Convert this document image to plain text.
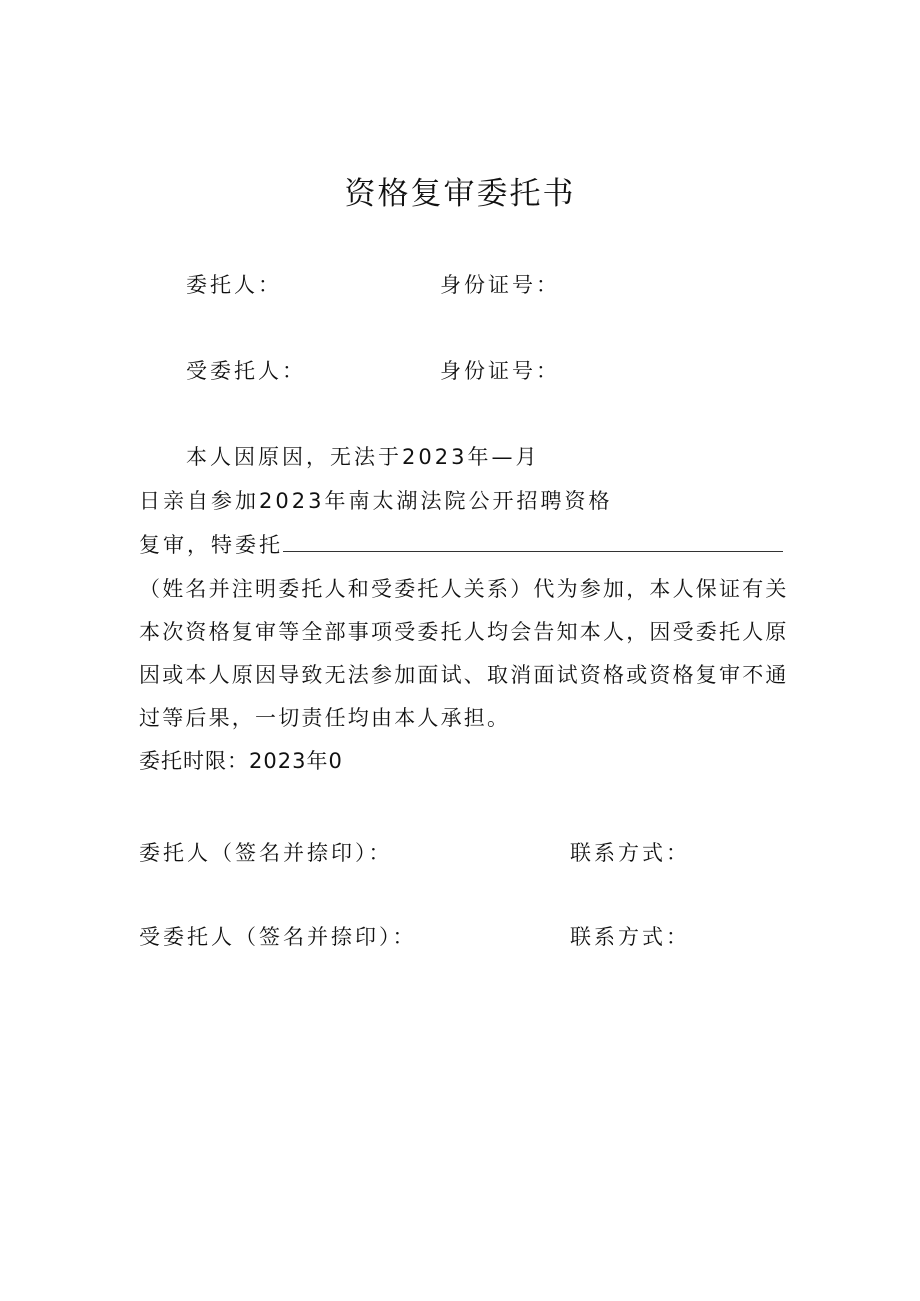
资格复审委托书
委托人：	身份证号：
受委托人：	身份证号：
本人因原因，无法于2023年—月
日亲自参加2023年南太湖法院公开招聘资格
复审，特委托
（姓名并注明委托人和受委托人关系）代为参加，本人保证有关
本次资格复审等全部事项受委托人均会告知本人，因受委托人原
因或本人原因导致无法参加面试、取消面试资格或资格复审不通
过等后果，一切责任均由本人承担。
委托时限：2023年0
委托人（签名并捺印）：	联系方式：
受委托人（签名并捺印）：	联系方式：
